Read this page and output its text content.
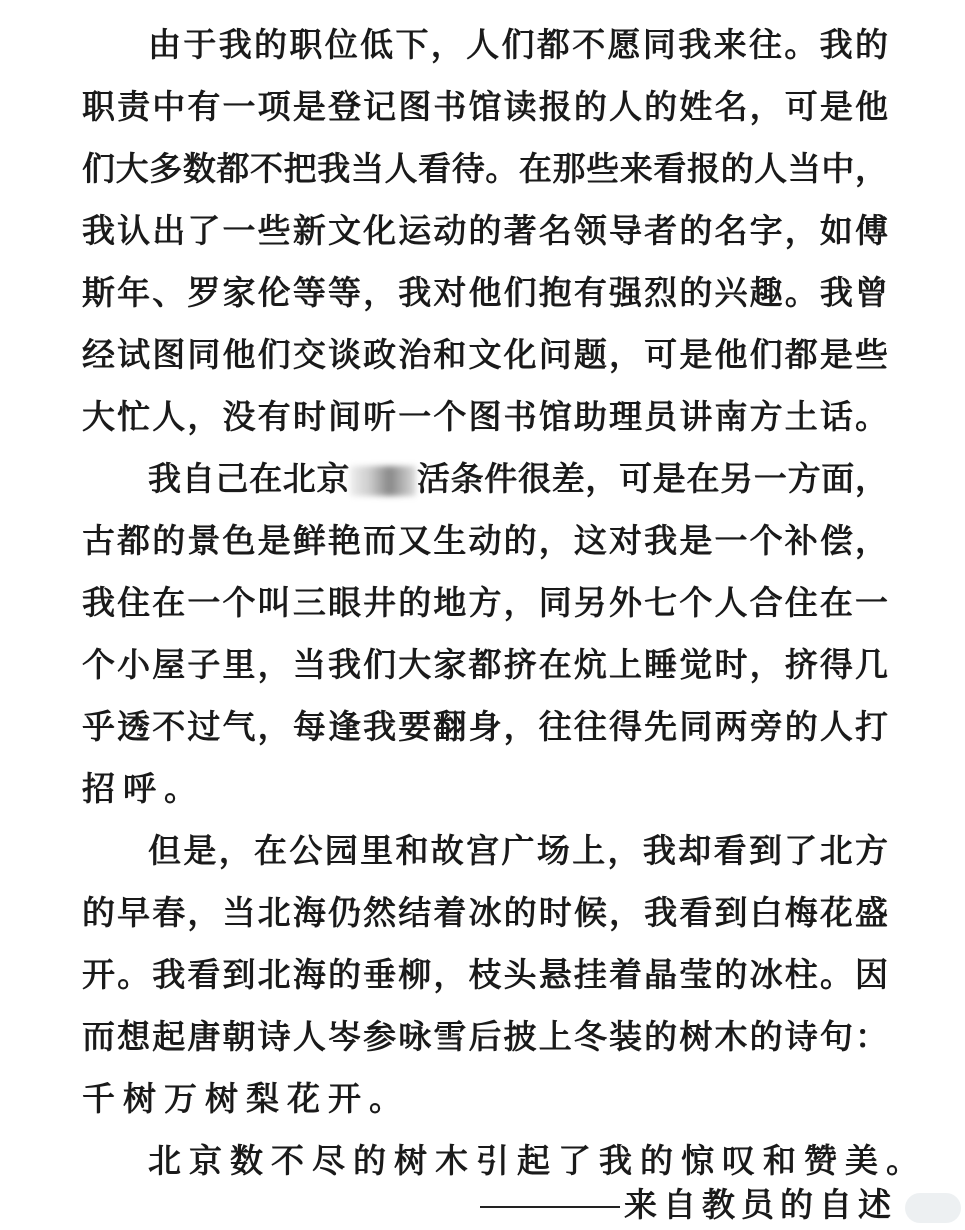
由于我的职位低下，人们都不愿同我来往。我的
职责中有一项是登记图书馆读报的人的姓名，可是他
们大多数都不把我当人看待。在那些来看报的人当中，
我认出了一些新文化运动的著名领导者的名字，如傅
斯年、罗家伦等等，我对他们抱有强烈的兴趣。我曾
经试图同他们交谈政治和文化问题，可是他们都是些
大忙人，没有时间听一个图书馆助理员讲南方土话。
我自己在北京 活条件很差，可是在另一方面，
古都的景色是鲜艳而又生动的，这对我是一个补偿，
我住在一个叫三眼井的地方，同另外七个人合住在一
个小屋子里，当我们大家都挤在炕上睡觉时，挤得几
乎透不过气，每逢我要翻身，往往得先同两旁的人打
招呼。
但是，在公园里和故宫广场上，我却看到了北方
的早春，当北海仍然结着冰的时候，我看到白梅花盛
开。我看到北海的垂柳，枝头悬挂着晶莹的冰柱。因
而想起唐朝诗人岑参咏雪后披上冬装的树木的诗句：
千树万树梨花开。
北京数不尽的树木引起了我的惊叹和赞美。
来自教员的自述
